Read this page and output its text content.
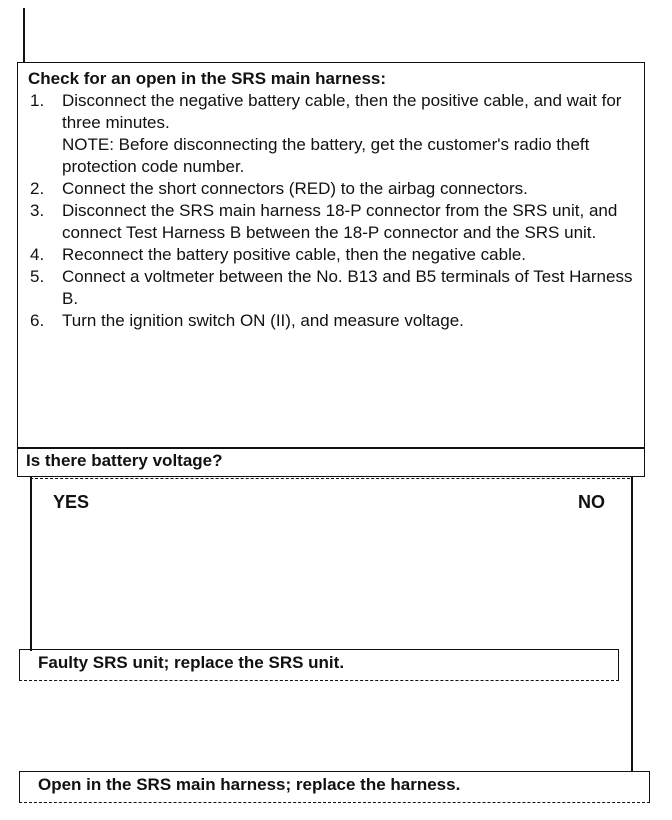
Check for an open in the SRS main harness:
1. Disconnect the negative battery cable, then the positive cable, and wait for three minutes.
NOTE: Before disconnecting the battery, get the customer's radio theft protection code number.
2. Connect the short connectors (RED) to the airbag connectors.
3. Disconnect the SRS main harness 18-P connector from the SRS unit, and connect Test Harness B between the 18-P connector and the SRS unit.
4. Reconnect the battery positive cable, then the negative cable.
5. Connect a voltmeter between the No. B13 and B5 terminals of Test Harness B.
6. Turn the ignition switch ON (II), and measure voltage.
Is there battery voltage?
YES	NO
Faulty SRS unit; replace the SRS unit.
Open in the SRS main harness; replace the harness.
